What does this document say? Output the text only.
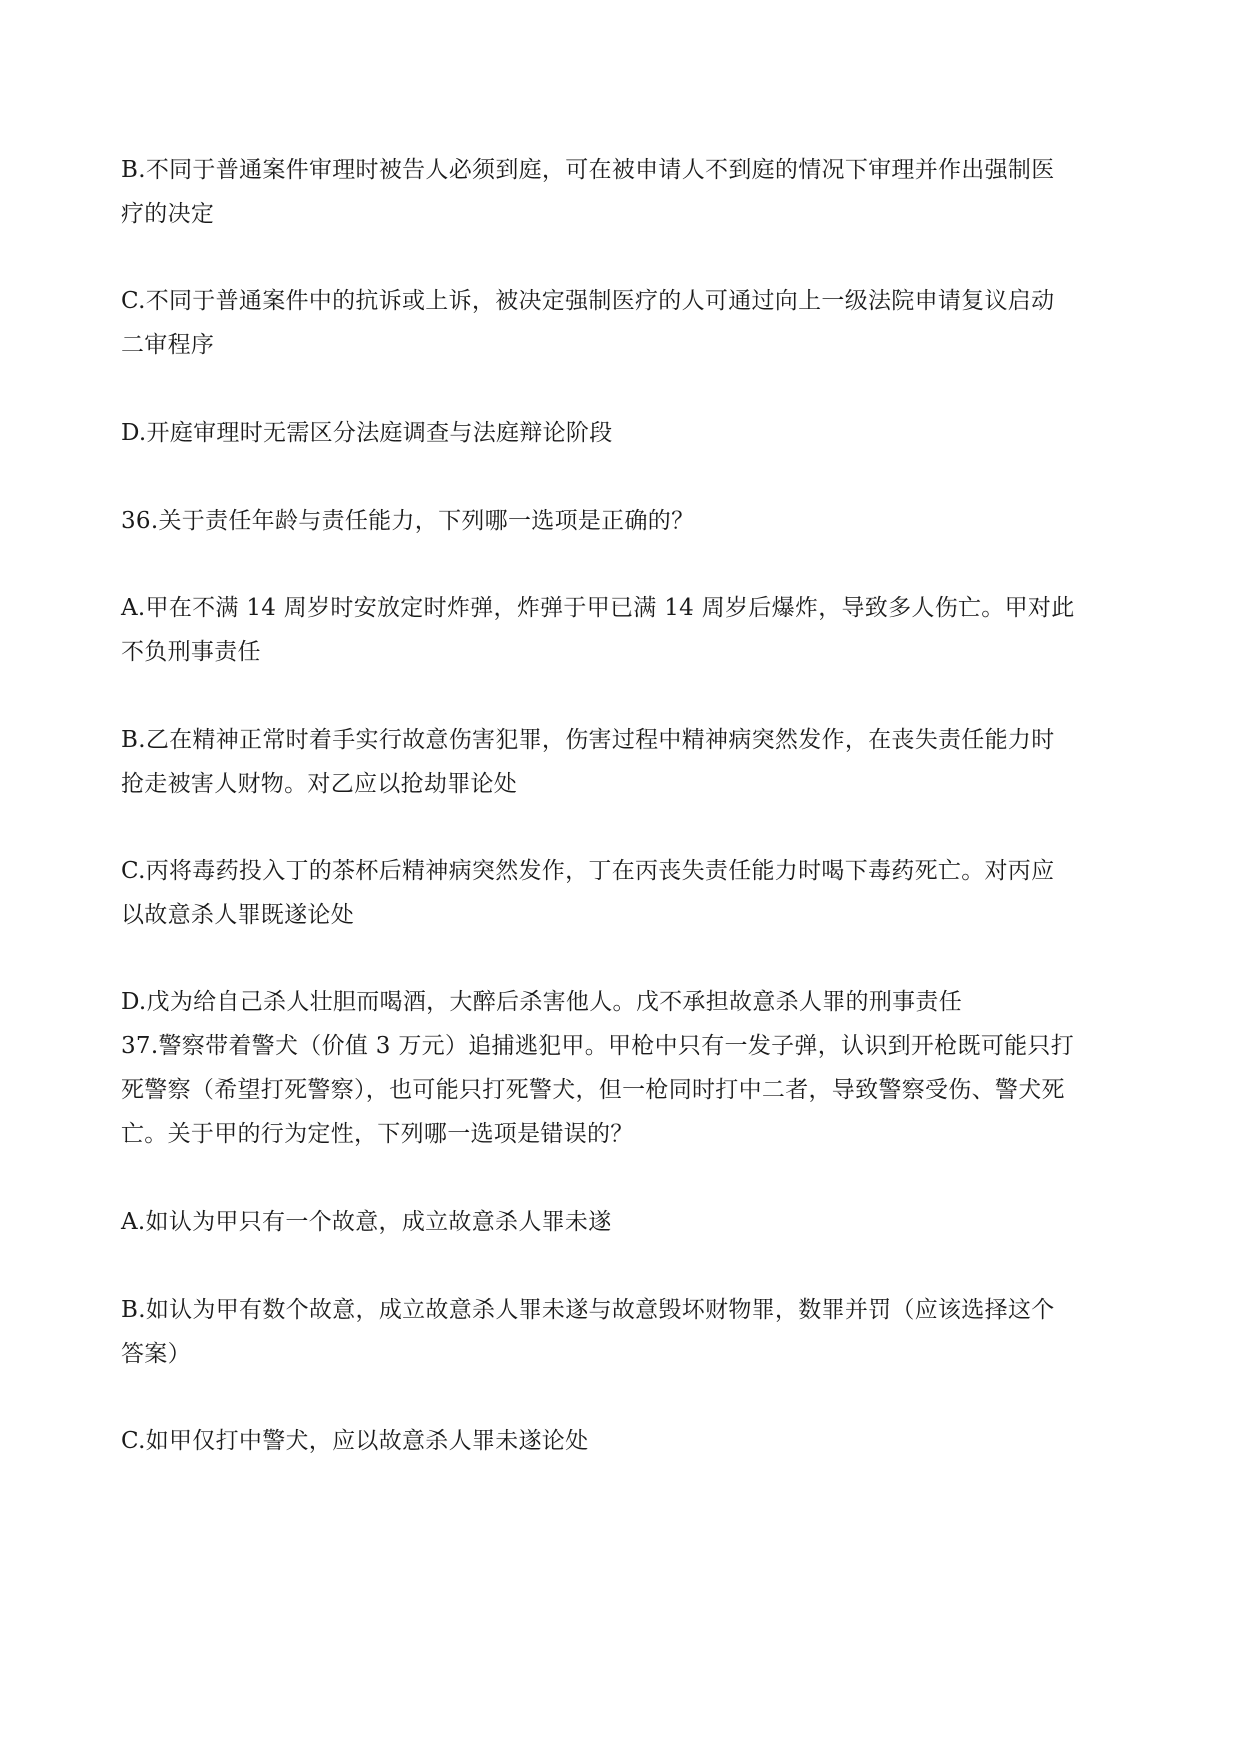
B.不同于普通案件审理时被告人必须到庭，可在被申请人不到庭的情况下审理并作出强制医
疗的决定
C.不同于普通案件中的抗诉或上诉，被决定强制医疗的人可通过向上一级法院申请复议启动
二审程序
D.开庭审理时无需区分法庭调查与法庭辩论阶段
36.关于责任年龄与责任能力，下列哪一选项是正确的？
A.甲在不满 14 周岁时安放定时炸弹，炸弹于甲已满 14 周岁后爆炸，导致多人伤亡。甲对此
不负刑事责任
B.乙在精神正常时着手实行故意伤害犯罪，伤害过程中精神病突然发作，在丧失责任能力时
抢走被害人财物。对乙应以抢劫罪论处
C.丙将毒药投入丁的茶杯后精神病突然发作，丁在丙丧失责任能力时喝下毒药死亡。对丙应
以故意杀人罪既遂论处
D.戊为给自己杀人壮胆而喝酒，大醉后杀害他人。戊不承担故意杀人罪的刑事责任
37.警察带着警犬（价值 3 万元）追捕逃犯甲。甲枪中只有一发子弹，认识到开枪既可能只打
死警察（希望打死警察），也可能只打死警犬，但一枪同时打中二者，导致警察受伤、警犬死
亡。关于甲的行为定性，下列哪一选项是错误的？
A.如认为甲只有一个故意，成立故意杀人罪未遂
B.如认为甲有数个故意，成立故意杀人罪未遂与故意毁坏财物罪，数罪并罚（应该选择这个
答案）
C.如甲仅打中警犬，应以故意杀人罪未遂论处
